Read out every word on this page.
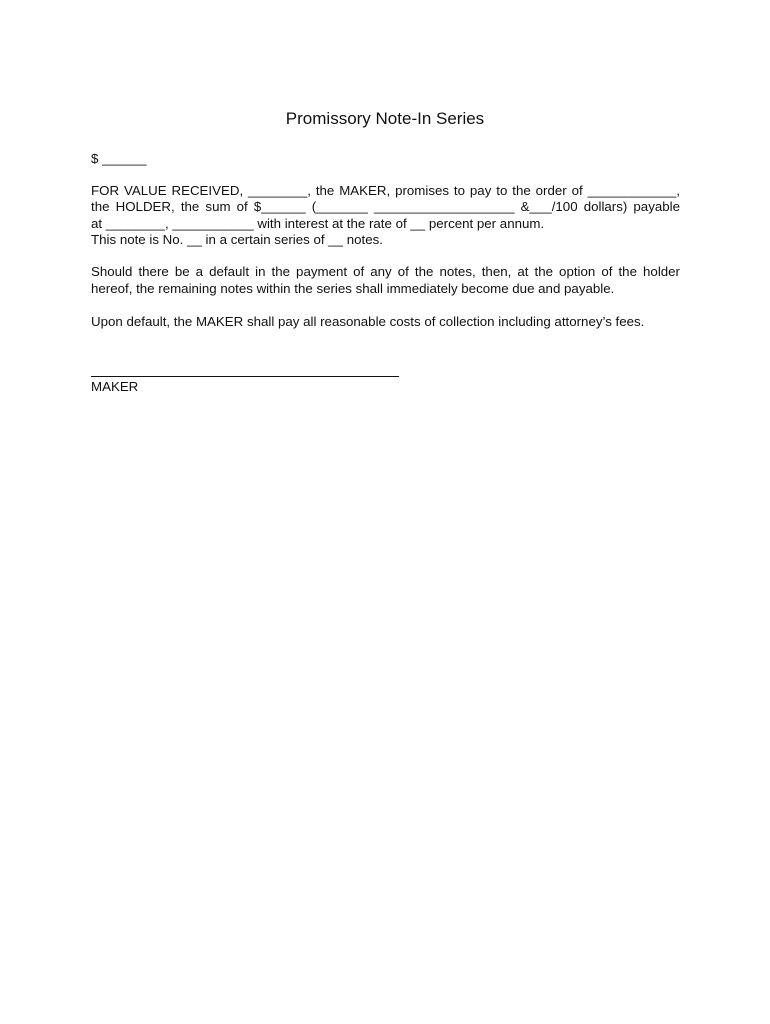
Promissory Note-In Series
$ ______
FOR VALUE RECEIVED, ________, the MAKER, promises to pay to the order of ____________,
the HOLDER, the sum of $______ (_______ ___________________ &___/100 dollars) payable
at ________, ___________ with interest at the rate of __ percent per annum.
This note is No. __ in a certain series of __ notes.
Should there be a default in the payment of any of the notes, then, at the option of the holder
hereof, the remaining notes within the series shall immediately become due and payable.
Upon default, the MAKER shall pay all reasonable costs of collection including attorney’s fees.
MAKER
